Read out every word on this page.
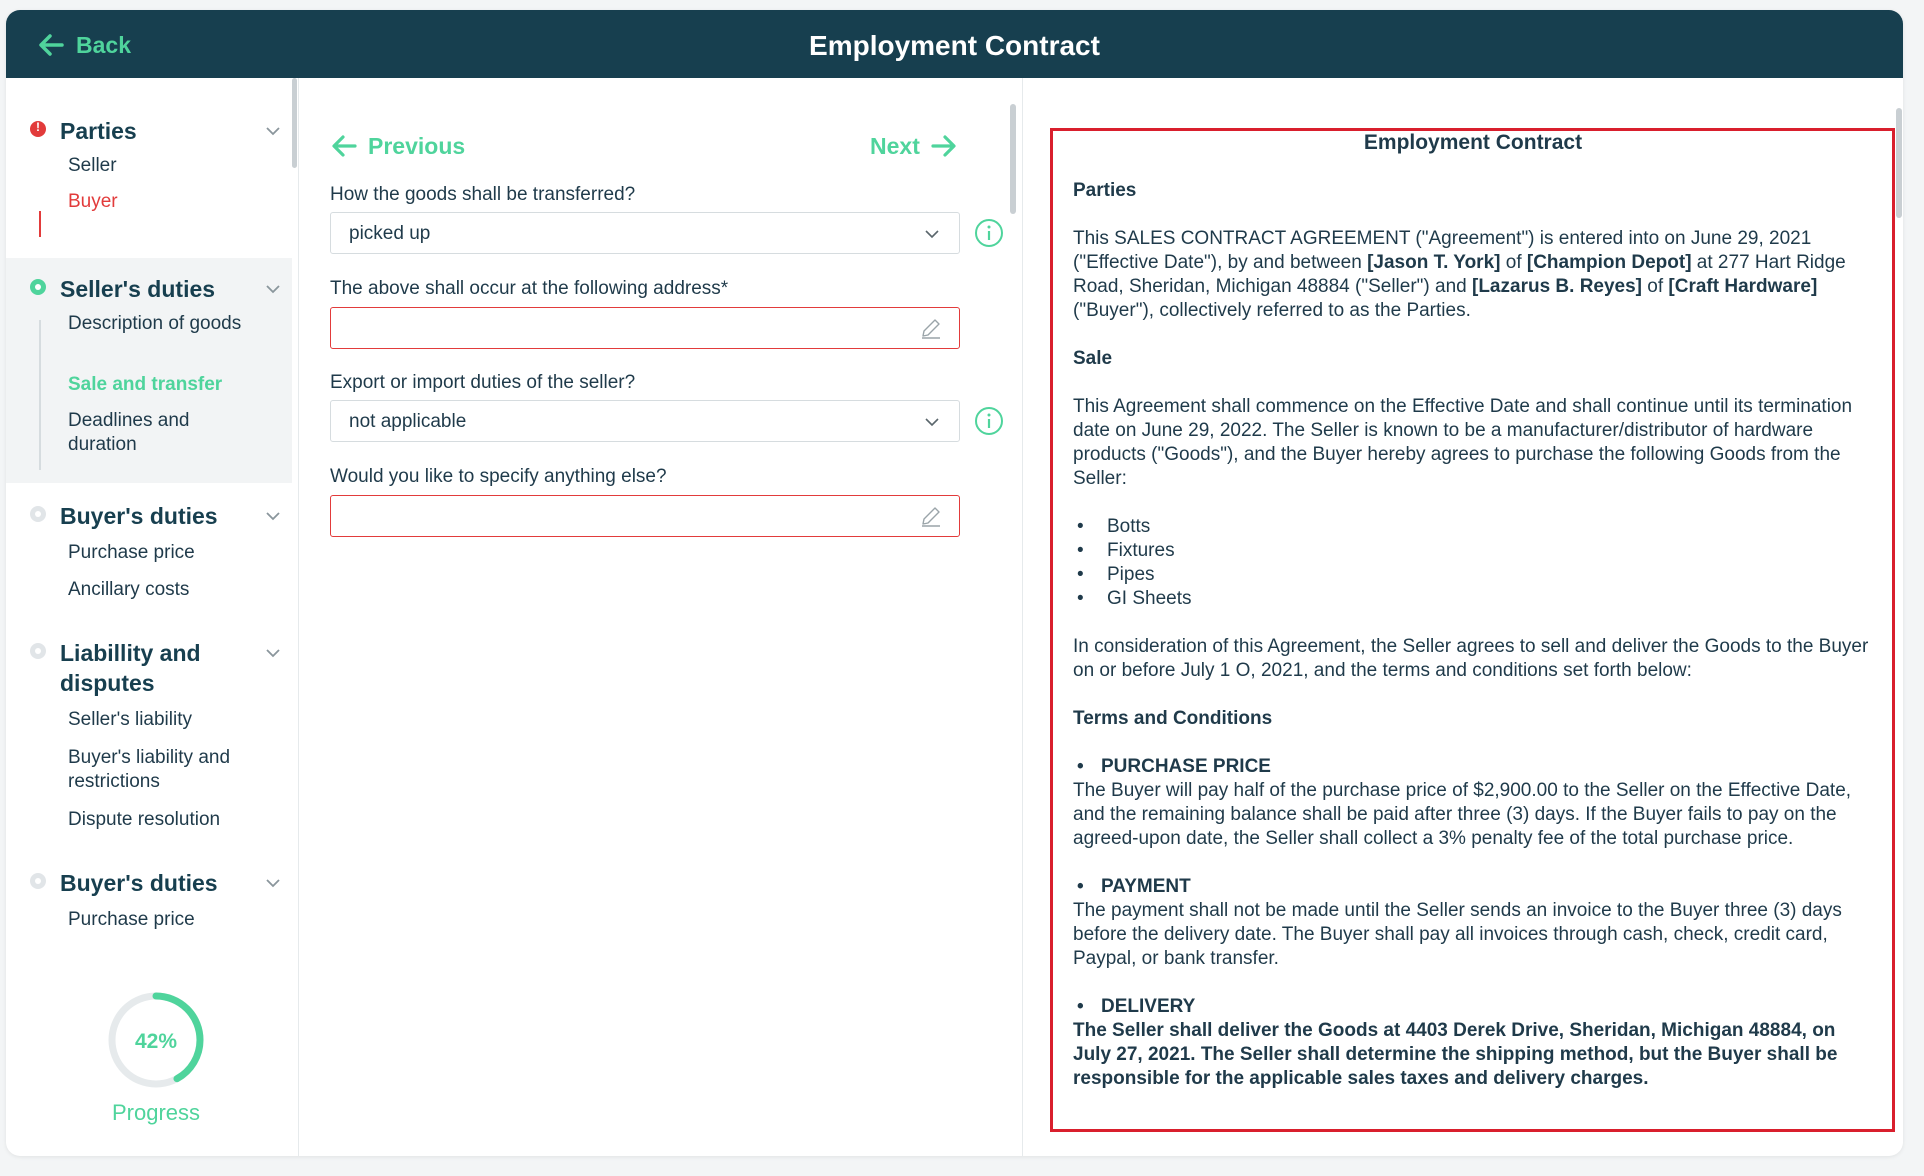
Back	Employment Contract
!
Parties
Seller
Buyer
Seller's duties
Description of goods
Sale and transfer
Deadlines and duration
Buyer's duties
Purchase price
Ancillary costs
Liabillity and disputes
Seller's liability
Buyer's liability and restrictions
Dispute resolution
Buyer's duties
Purchase price
42%
Progress
Previous	Next
How the goods shall be transferred?
picked up
The above shall occur at the following address*
Export or import duties of the seller?
not applicable
Would you like to specify anything else?
Employment Contract
Parties

This SALES CONTRACT AGREEMENT ("Agreement") is entered into on June 29, 2021 ("Effective Date"), by and between [Jason T. York] of [Champion Depot] at 277 Hart Ridge Road, Sheridan, Michigan 48884 ("Seller") and [Lazarus B. Reyes] of [Craft Hardware] ("Buyer"), collectively referred to as the Parties.

Sale

This Agreement shall commence on the Effective Date and shall continue until its termination date on June 29, 2022. The Seller is known to be a manufacturer/distributor of hardware products ("Goods"), and the Buyer hereby agrees to purchase the following Goods from the Seller:

• Botts
• Fixtures
• Pipes
• GI Sheets

In consideration of this Agreement, the Seller agrees to sell and deliver the Goods to the Buyer on or before July 1 O, 2021, and the terms and conditions set forth below:

Terms and Conditions
• PURCHASE PRICE
The Buyer will pay half of the purchase price of $2,900.00 to the Seller on the Effective Date, and the remaining balance shall be paid after three (3) days. If the Buyer fails to pay on the agreed-upon date, the Seller shall collect a 3% penalty fee of the total purchase price.
• PAYMENT
The payment shall not be made until the Seller sends an invoice to the Buyer three (3) days before the delivery date. The Buyer shall pay all invoices through cash, check, credit card, Paypal, or bank transfer.
• DELIVERY
The Seller shall deliver the Goods at 4403 Derek Drive, Sheridan, Michigan 48884, on July 27, 2021. The Seller shall determine the shipping method, but the Buyer shall be responsible for the applicable sales taxes and delivery charges.
